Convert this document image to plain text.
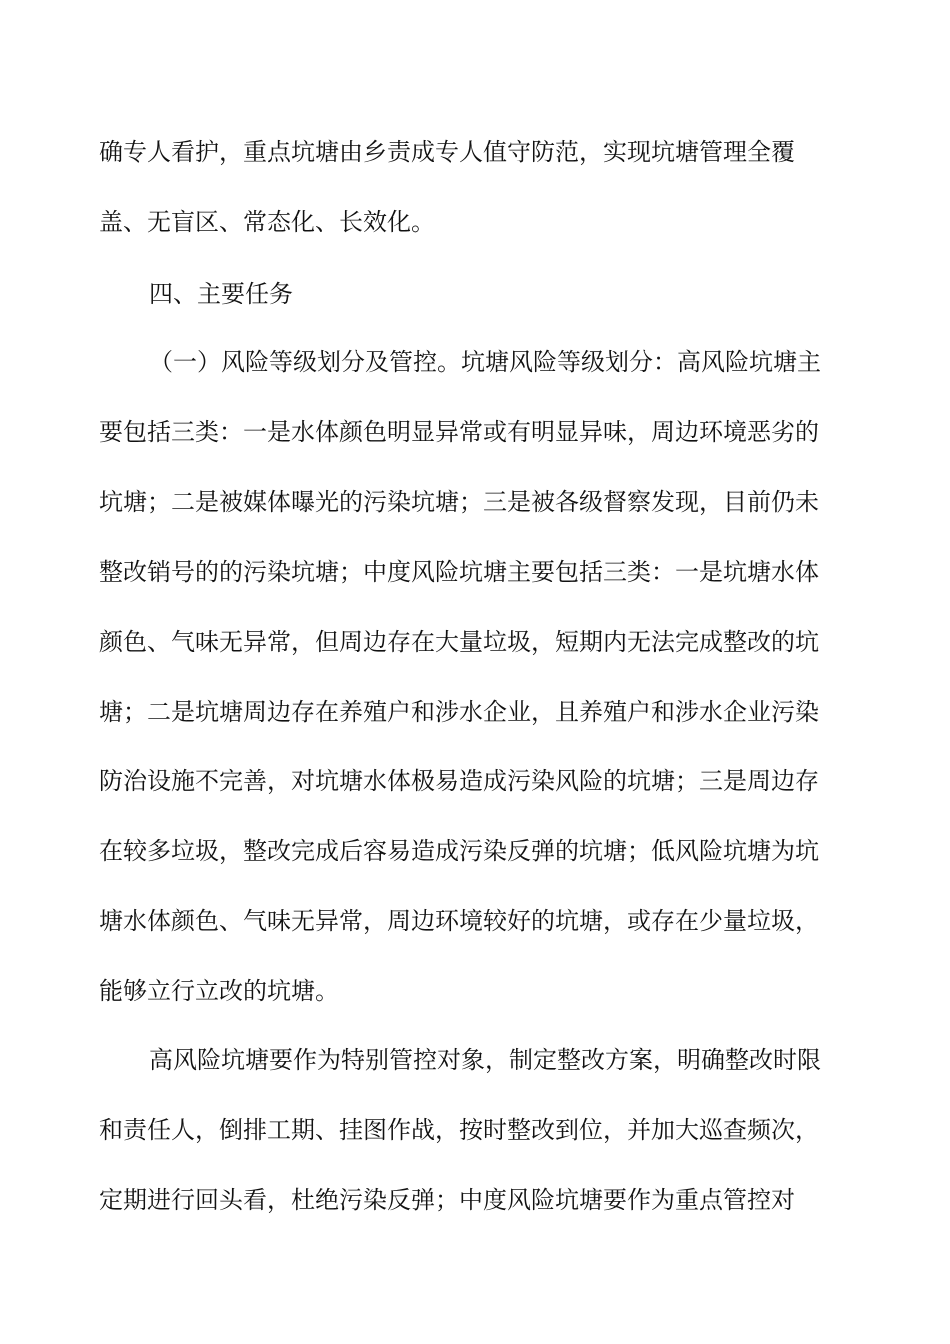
确专人看护，重点坑塘由乡责成专人值守防范，实现坑塘管理全覆

盖、无盲区、常态化、长效化。

四、主要任务

（一）风险等级划分及管控。坑塘风险等级划分：高风险坑塘主

要包括三类：一是水体颜色明显异常或有明显异味，周边环境恶劣的

坑塘；二是被媒体曝光的污染坑塘；三是被各级督察发现，目前仍未

整改销号的的污染坑塘；中度风险坑塘主要包括三类：一是坑塘水体

颜色、气味无异常，但周边存在大量垃圾，短期内无法完成整改的坑

塘；二是坑塘周边存在养殖户和涉水企业，且养殖户和涉水企业污染

防治设施不完善，对坑塘水体极易造成污染风险的坑塘；三是周边存

在较多垃圾，整改完成后容易造成污染反弹的坑塘；低风险坑塘为坑

塘水体颜色、气味无异常，周边环境较好的坑塘，或存在少量垃圾，

能够立行立改的坑塘。

高风险坑塘要作为特别管控对象，制定整改方案，明确整改时限

和责任人，倒排工期、挂图作战，按时整改到位，并加大巡查频次，

定期进行回头看，杜绝污染反弹；中度风险坑塘要作为重点管控对
